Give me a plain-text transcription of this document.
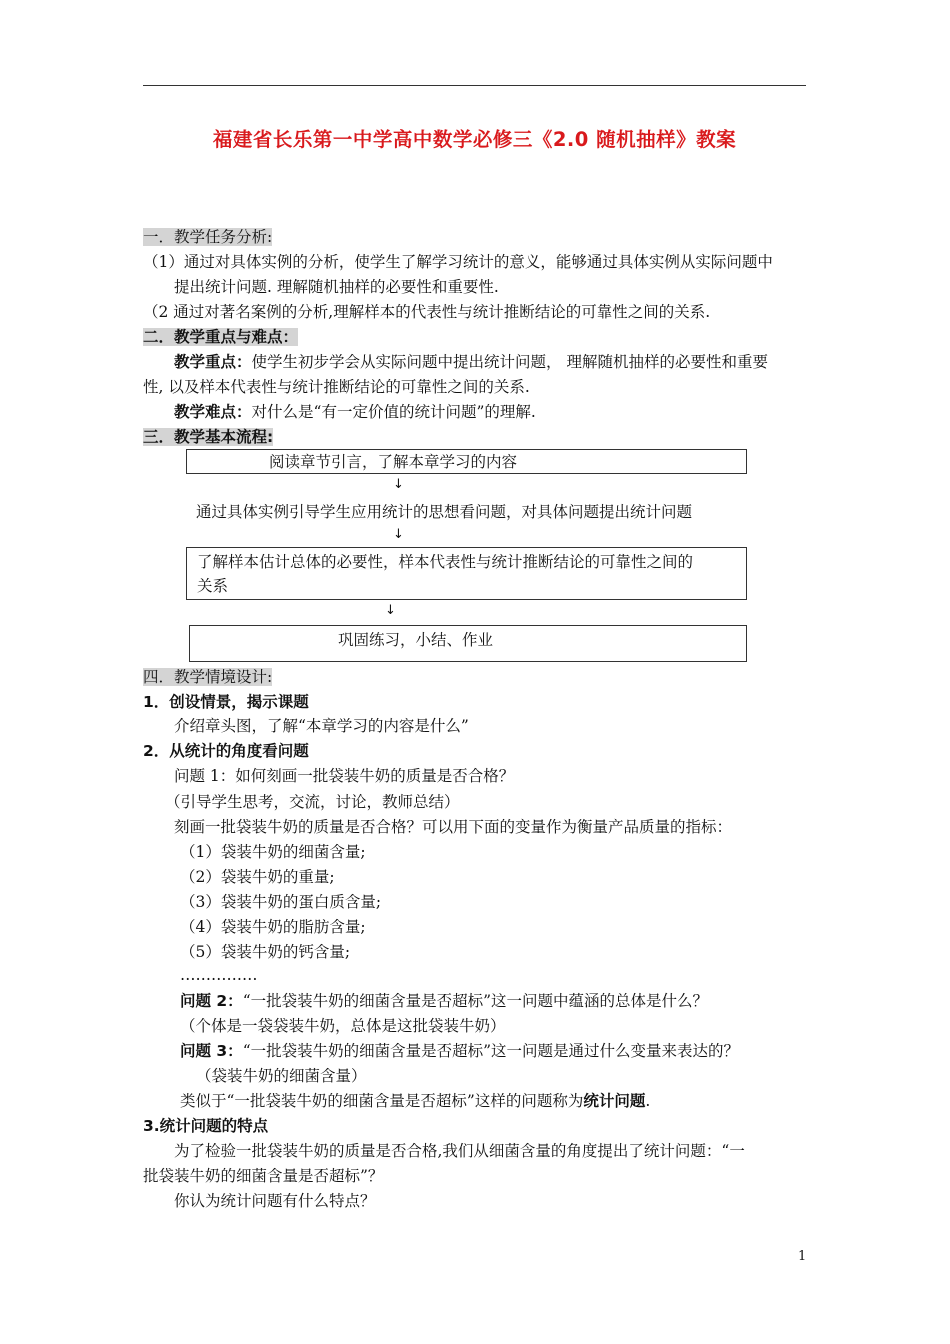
福建省长乐第一中学高中数学必修三《2.0 随机抽样》教案
一．教学任务分析:
（1）通过对具体实例的分析，使学生了解学习统计的意义，能够通过具体实例从实际问题中
提出统计问题. 理解随机抽样的必要性和重要性.
（2 通过对著名案例的分析,理解样本的代表性与统计推断结论的可靠性之间的关系.
二．教学重点与难点：
教学重点：使学生初步学会从实际问题中提出统计问题， 理解随机抽样的必要性和重要
性, 以及样本代表性与统计推断结论的可靠性之间的关系.
教学难点：对什么是“有一定价值的统计问题”的理解.
三．教学基本流程:
阅读章节引言，了解本章学习的内容
↓
通过具体实例引导学生应用统计的思想看问题，对具体问题提出统计问题
↓
了解样本估计总体的必要性，样本代表性与统计推断结论的可靠性之间的
关系
↓
巩固练习，小结、作业
四．教学情境设计:
1．创设情景，揭示课题
介绍章头图，了解“本章学习的内容是什么”
2．从统计的角度看问题
问题 1：如何刻画一批袋装牛奶的质量是否合格？
（引导学生思考，交流，讨论，教师总结）
刻画一批袋装牛奶的质量是否合格？可以用下面的变量作为衡量产品质量的指标：
（1）袋装牛奶的细菌含量;
（2）袋装牛奶的重量;
（3）袋装牛奶的蛋白质含量;
（4）袋装牛奶的脂肪含量;
（5）袋装牛奶的钙含量;
……………
问题 2：“一批袋装牛奶的细菌含量是否超标”这一问题中蕴涵的总体是什么？
（个体是一袋袋装牛奶，总体是这批袋装牛奶）
问题 3：“一批袋装牛奶的细菌含量是否超标”这一问题是通过什么变量来表达的？
（袋装牛奶的细菌含量）
类似于“一批袋装牛奶的细菌含量是否超标”这样的问题称为统计问题.
3.统计问题的特点
为了检验一批袋装牛奶的质量是否合格,我们从细菌含量的角度提出了统计问题：“一
批袋装牛奶的细菌含量是否超标”？
你认为统计问题有什么特点？
1
